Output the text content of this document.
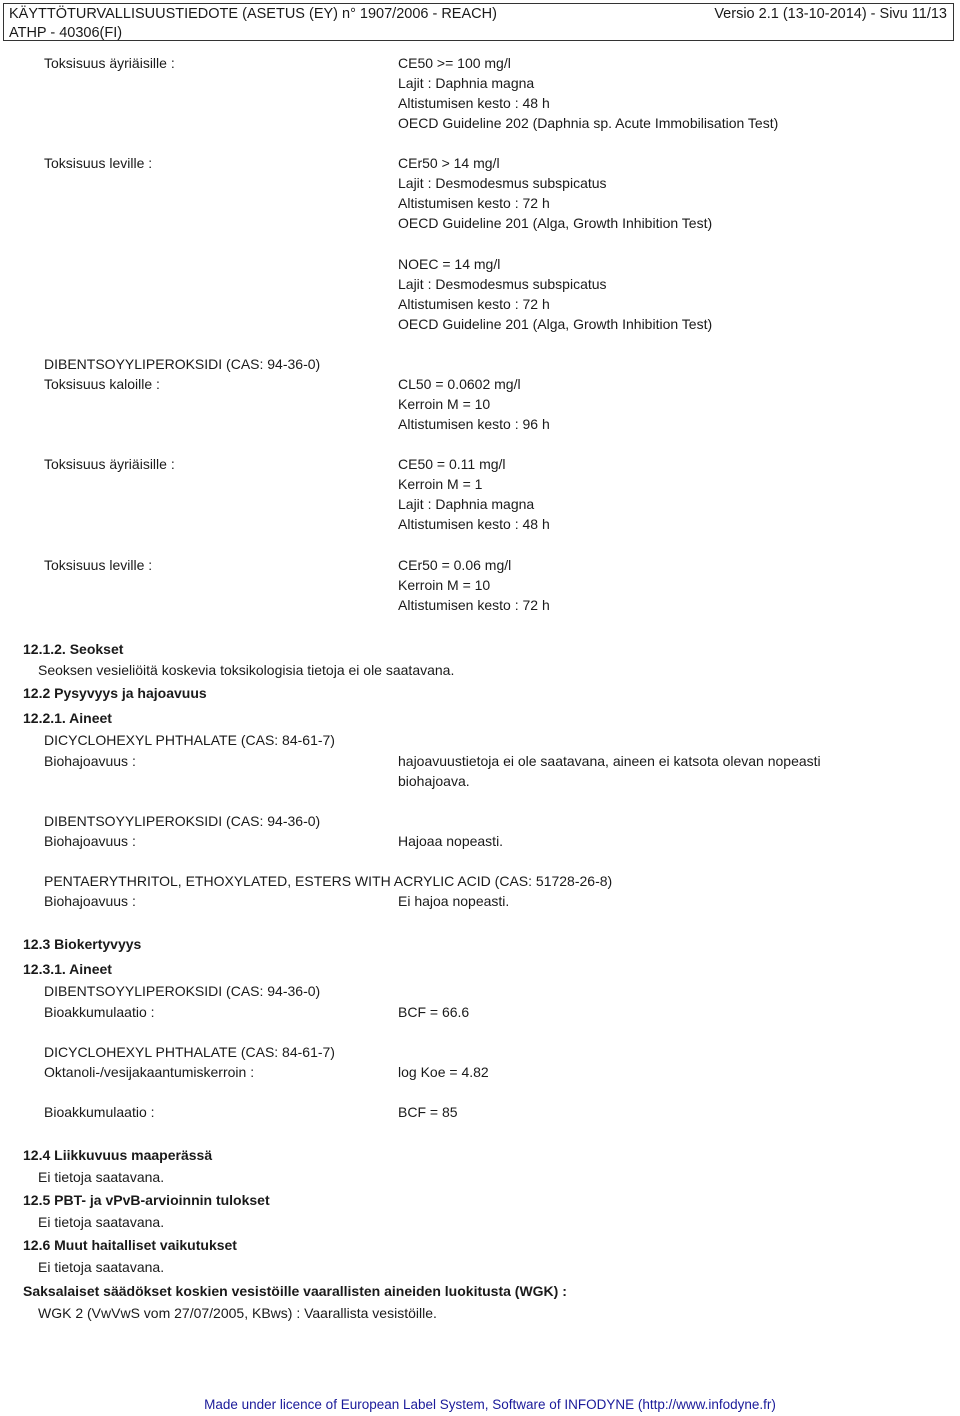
KÄYTTÖTURVALLISUUSTIEDOTE (ASETUS (EY) n° 1907/2006 - REACH)
ATHP - 40306(FI)
Versio 2.1 (13-10-2014) - Sivu 11/13
Toksisuus äyriäisille :	CE50 >= 100 mg/l
Lajit : Daphnia magna
Altistumisen kesto : 48 h
OECD Guideline 202 (Daphnia sp. Acute Immobilisation Test)
Toksisuus leville :	CEr50 > 14 mg/l
Lajit : Desmodesmus subspicatus
Altistumisen kesto : 72 h
OECD Guideline 201 (Alga, Growth Inhibition Test)
NOEC = 14 mg/l
Lajit : Desmodesmus subspicatus
Altistumisen kesto : 72 h
OECD Guideline 201 (Alga, Growth Inhibition Test)
DIBENTSOYYLIPEROKSIDI (CAS: 94-36-0)
Toksisuus kaloille :	CL50 = 0.0602 mg/l
Kerroin M = 10
Altistumisen kesto : 96 h
Toksisuus äyriäisille :	CE50 = 0.11 mg/l
Kerroin M = 1
Lajit : Daphnia magna
Altistumisen kesto : 48 h
Toksisuus leville :	CEr50 = 0.06 mg/l
Kerroin M = 10
Altistumisen kesto : 72 h
12.1.2. Seokset
Seoksen vesieliöitä koskevia toksikologisia tietoja ei ole saatavana.
12.2 Pysyvyys ja hajoavuus
12.2.1. Aineet
DICYCLOHEXYL PHTHALATE (CAS: 84-61-7)
Biohajoavuus :	hajoavuustietoja ei ole saatavana, aineen ei katsota olevan nopeasti
biohajoava.
DIBENTSOYYLIPEROKSIDI (CAS: 94-36-0)
Biohajoavuus :	Hajoaa nopeasti.
PENTAERYTHRITOL, ETHOXYLATED, ESTERS WITH ACRYLIC ACID (CAS: 51728-26-8)
Biohajoavuus :	Ei hajoa nopeasti.
12.3 Biokertyvyys
12.3.1. Aineet
DIBENTSOYYLIPEROKSIDI (CAS: 94-36-0)
Bioakkumulaatio :	BCF = 66.6
DICYCLOHEXYL PHTHALATE (CAS: 84-61-7)
Oktanoli-/vesijakaantumiskerroin :	log Koe = 4.82
Bioakkumulaatio :	BCF = 85
12.4 Liikkuvuus maaperässä
Ei tietoja saatavana.
12.5 PBT- ja vPvB-arvioinnin tulokset
Ei tietoja saatavana.
12.6 Muut haitalliset vaikutukset
Ei tietoja saatavana.
Saksalaiset säädökset koskien vesistöille vaarallisten aineiden luokitusta (WGK) :
WGK 2 (VwVwS vom 27/07/2005, KBws) : Vaarallista vesistöille.
Made under licence of European Label System, Software of INFODYNE (http://www.infodyne.fr)
